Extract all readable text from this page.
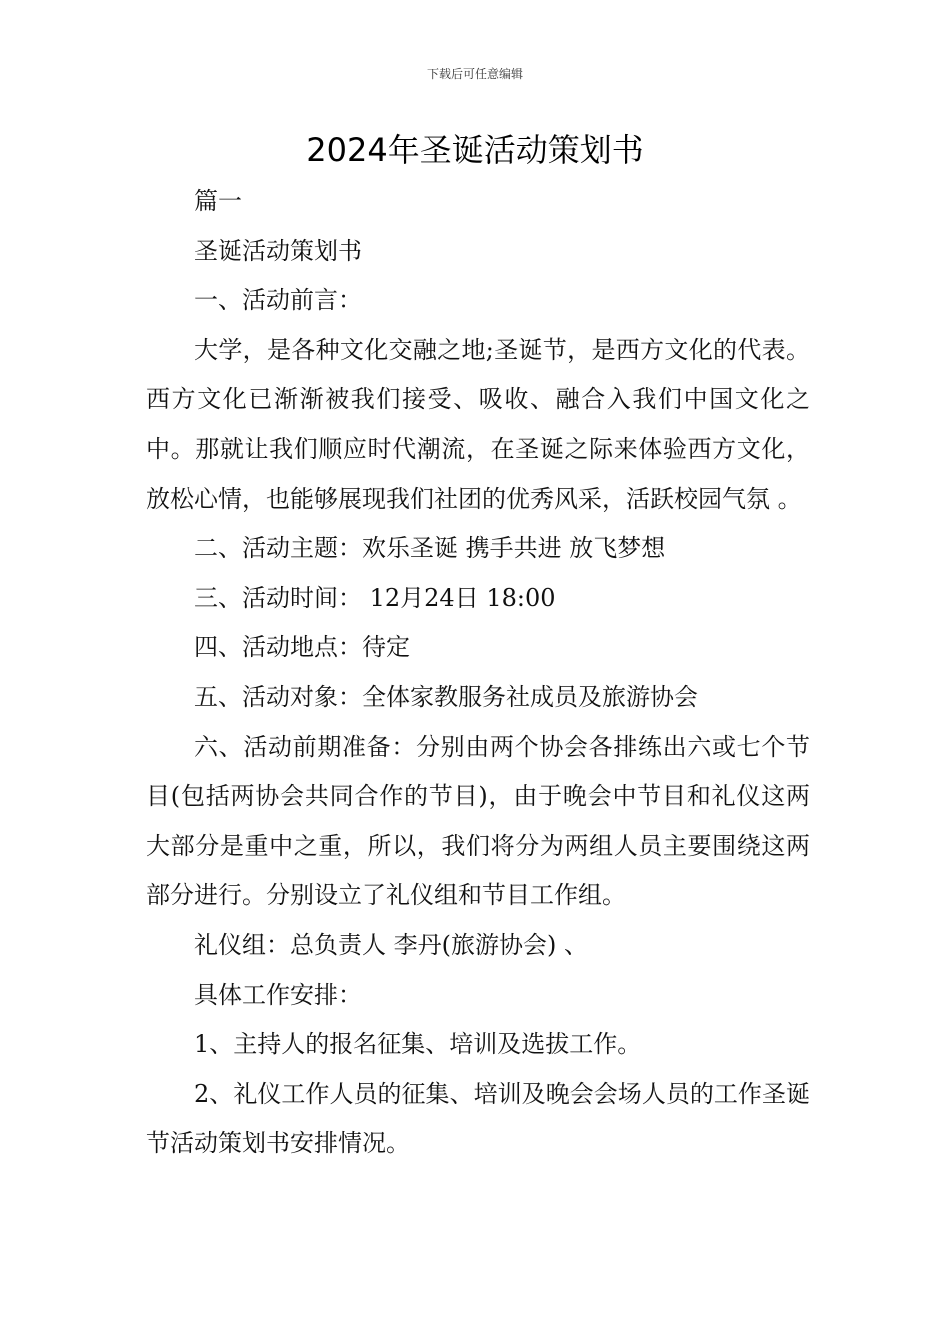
下载后可任意编辑
2024年圣诞活动策划书

篇一

圣诞活动策划书

一、活动前言：

大学，是各种文化交融之地;圣诞节，是西方文化的代表。西方文化已渐渐被我们接受、吸收、融合入我们中国文化之中。那就让我们顺应时代潮流，在圣诞之际来体验西方文化，放松心情，也能够展现我们社团的优秀风采，活跃校园气氛 。

二、活动主题：欢乐圣诞 携手共进 放飞梦想

三、活动时间： 12月24日 18:00

四、活动地点：待定

五、活动对象：全体家教服务社成员及旅游协会

六、活动前期准备：分别由两个协会各排练出六或七个节目(包括两协会共同合作的节目)，由于晚会中节目和礼仪这两大部分是重中之重，所以，我们将分为两组人员主要围绕这两部分进行。分别设立了礼仪组和节目工作组。

礼仪组：总负责人 李丹(旅游协会) 、

具体工作安排：

1、主持人的报名征集、培训及选拔工作。

2、礼仪工作人员的征集、培训及晚会会场人员的工作圣诞节活动策划书安排情况。
